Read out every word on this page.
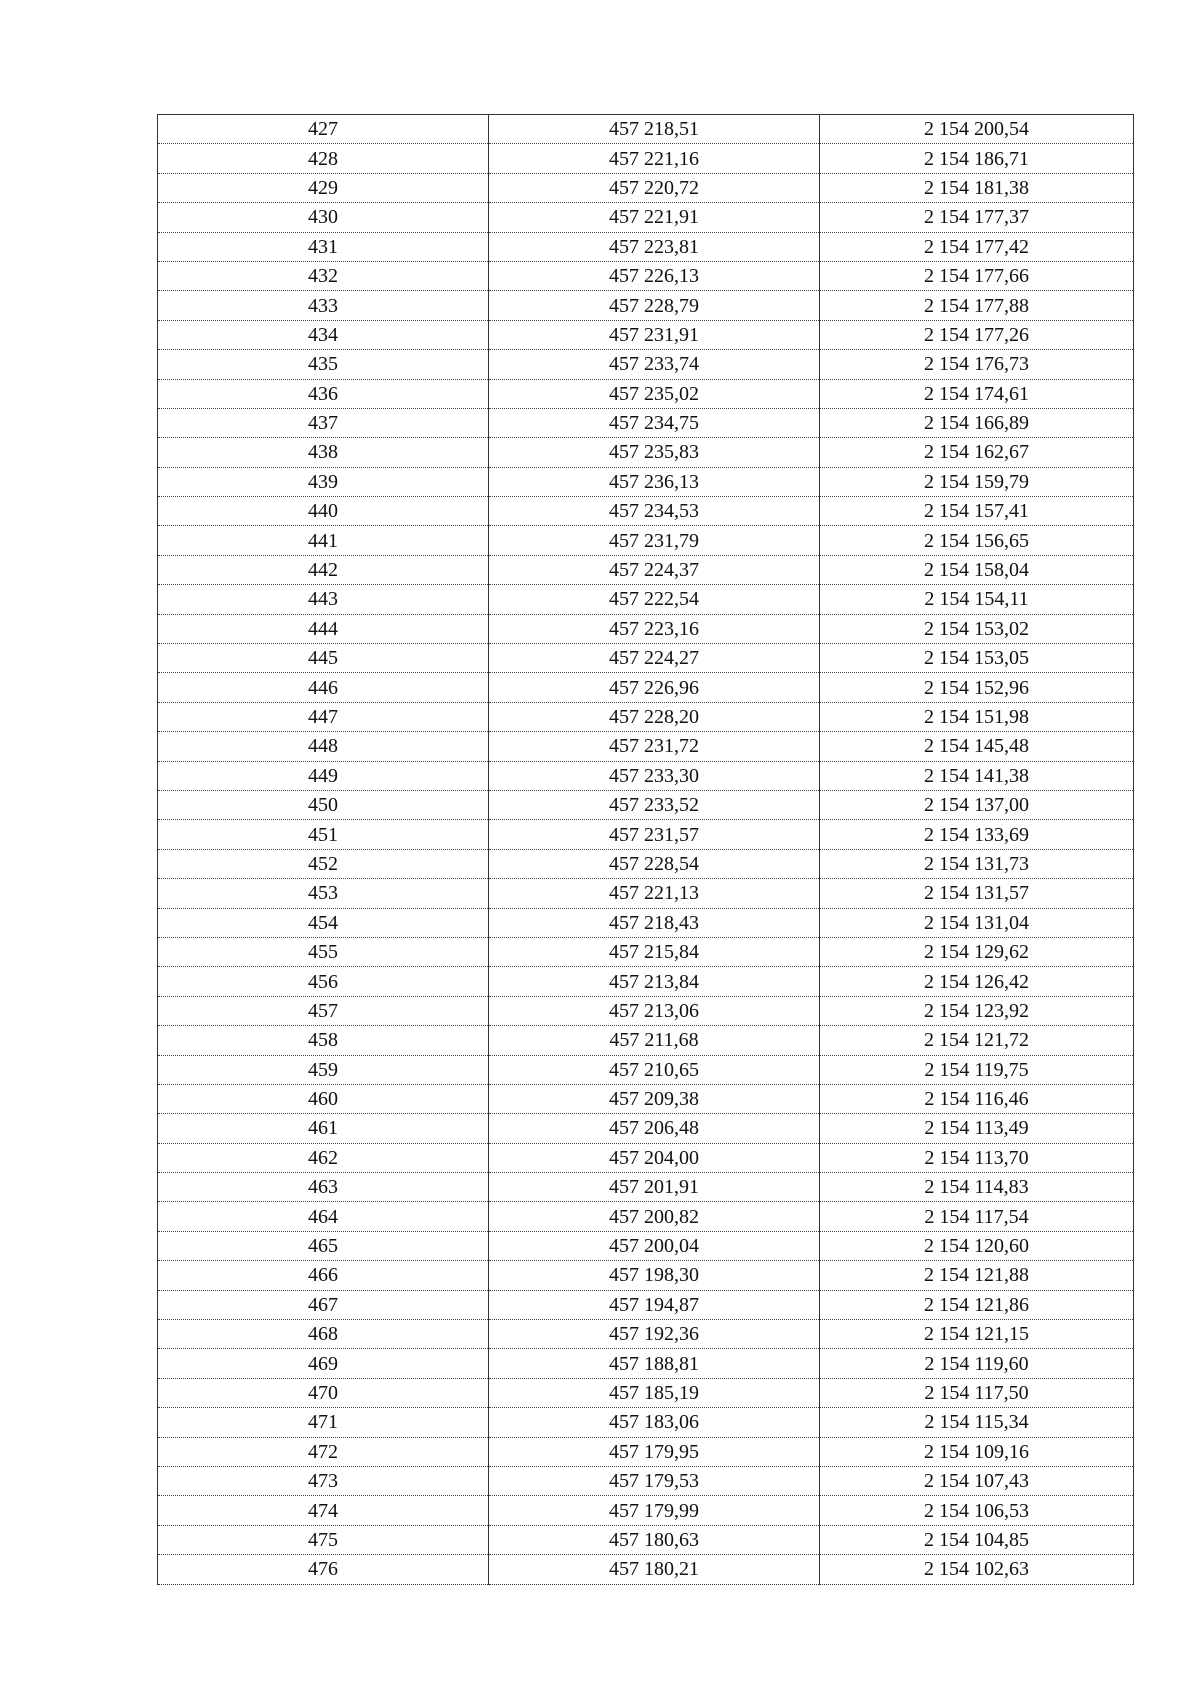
427	457 218,51	2 154 200,54
428	457 221,16	2 154 186,71
429	457 220,72	2 154 181,38
430	457 221,91	2 154 177,37
431	457 223,81	2 154 177,42
432	457 226,13	2 154 177,66
433	457 228,79	2 154 177,88
434	457 231,91	2 154 177,26
435	457 233,74	2 154 176,73
436	457 235,02	2 154 174,61
437	457 234,75	2 154 166,89
438	457 235,83	2 154 162,67
439	457 236,13	2 154 159,79
440	457 234,53	2 154 157,41
441	457 231,79	2 154 156,65
442	457 224,37	2 154 158,04
443	457 222,54	2 154 154,11
444	457 223,16	2 154 153,02
445	457 224,27	2 154 153,05
446	457 226,96	2 154 152,96
447	457 228,20	2 154 151,98
448	457 231,72	2 154 145,48
449	457 233,30	2 154 141,38
450	457 233,52	2 154 137,00
451	457 231,57	2 154 133,69
452	457 228,54	2 154 131,73
453	457 221,13	2 154 131,57
454	457 218,43	2 154 131,04
455	457 215,84	2 154 129,62
456	457 213,84	2 154 126,42
457	457 213,06	2 154 123,92
458	457 211,68	2 154 121,72
459	457 210,65	2 154 119,75
460	457 209,38	2 154 116,46
461	457 206,48	2 154 113,49
462	457 204,00	2 154 113,70
463	457 201,91	2 154 114,83
464	457 200,82	2 154 117,54
465	457 200,04	2 154 120,60
466	457 198,30	2 154 121,88
467	457 194,87	2 154 121,86
468	457 192,36	2 154 121,15
469	457 188,81	2 154 119,60
470	457 185,19	2 154 117,50
471	457 183,06	2 154 115,34
472	457 179,95	2 154 109,16
473	457 179,53	2 154 107,43
474	457 179,99	2 154 106,53
475	457 180,63	2 154 104,85
476	457 180,21	2 154 102,63
